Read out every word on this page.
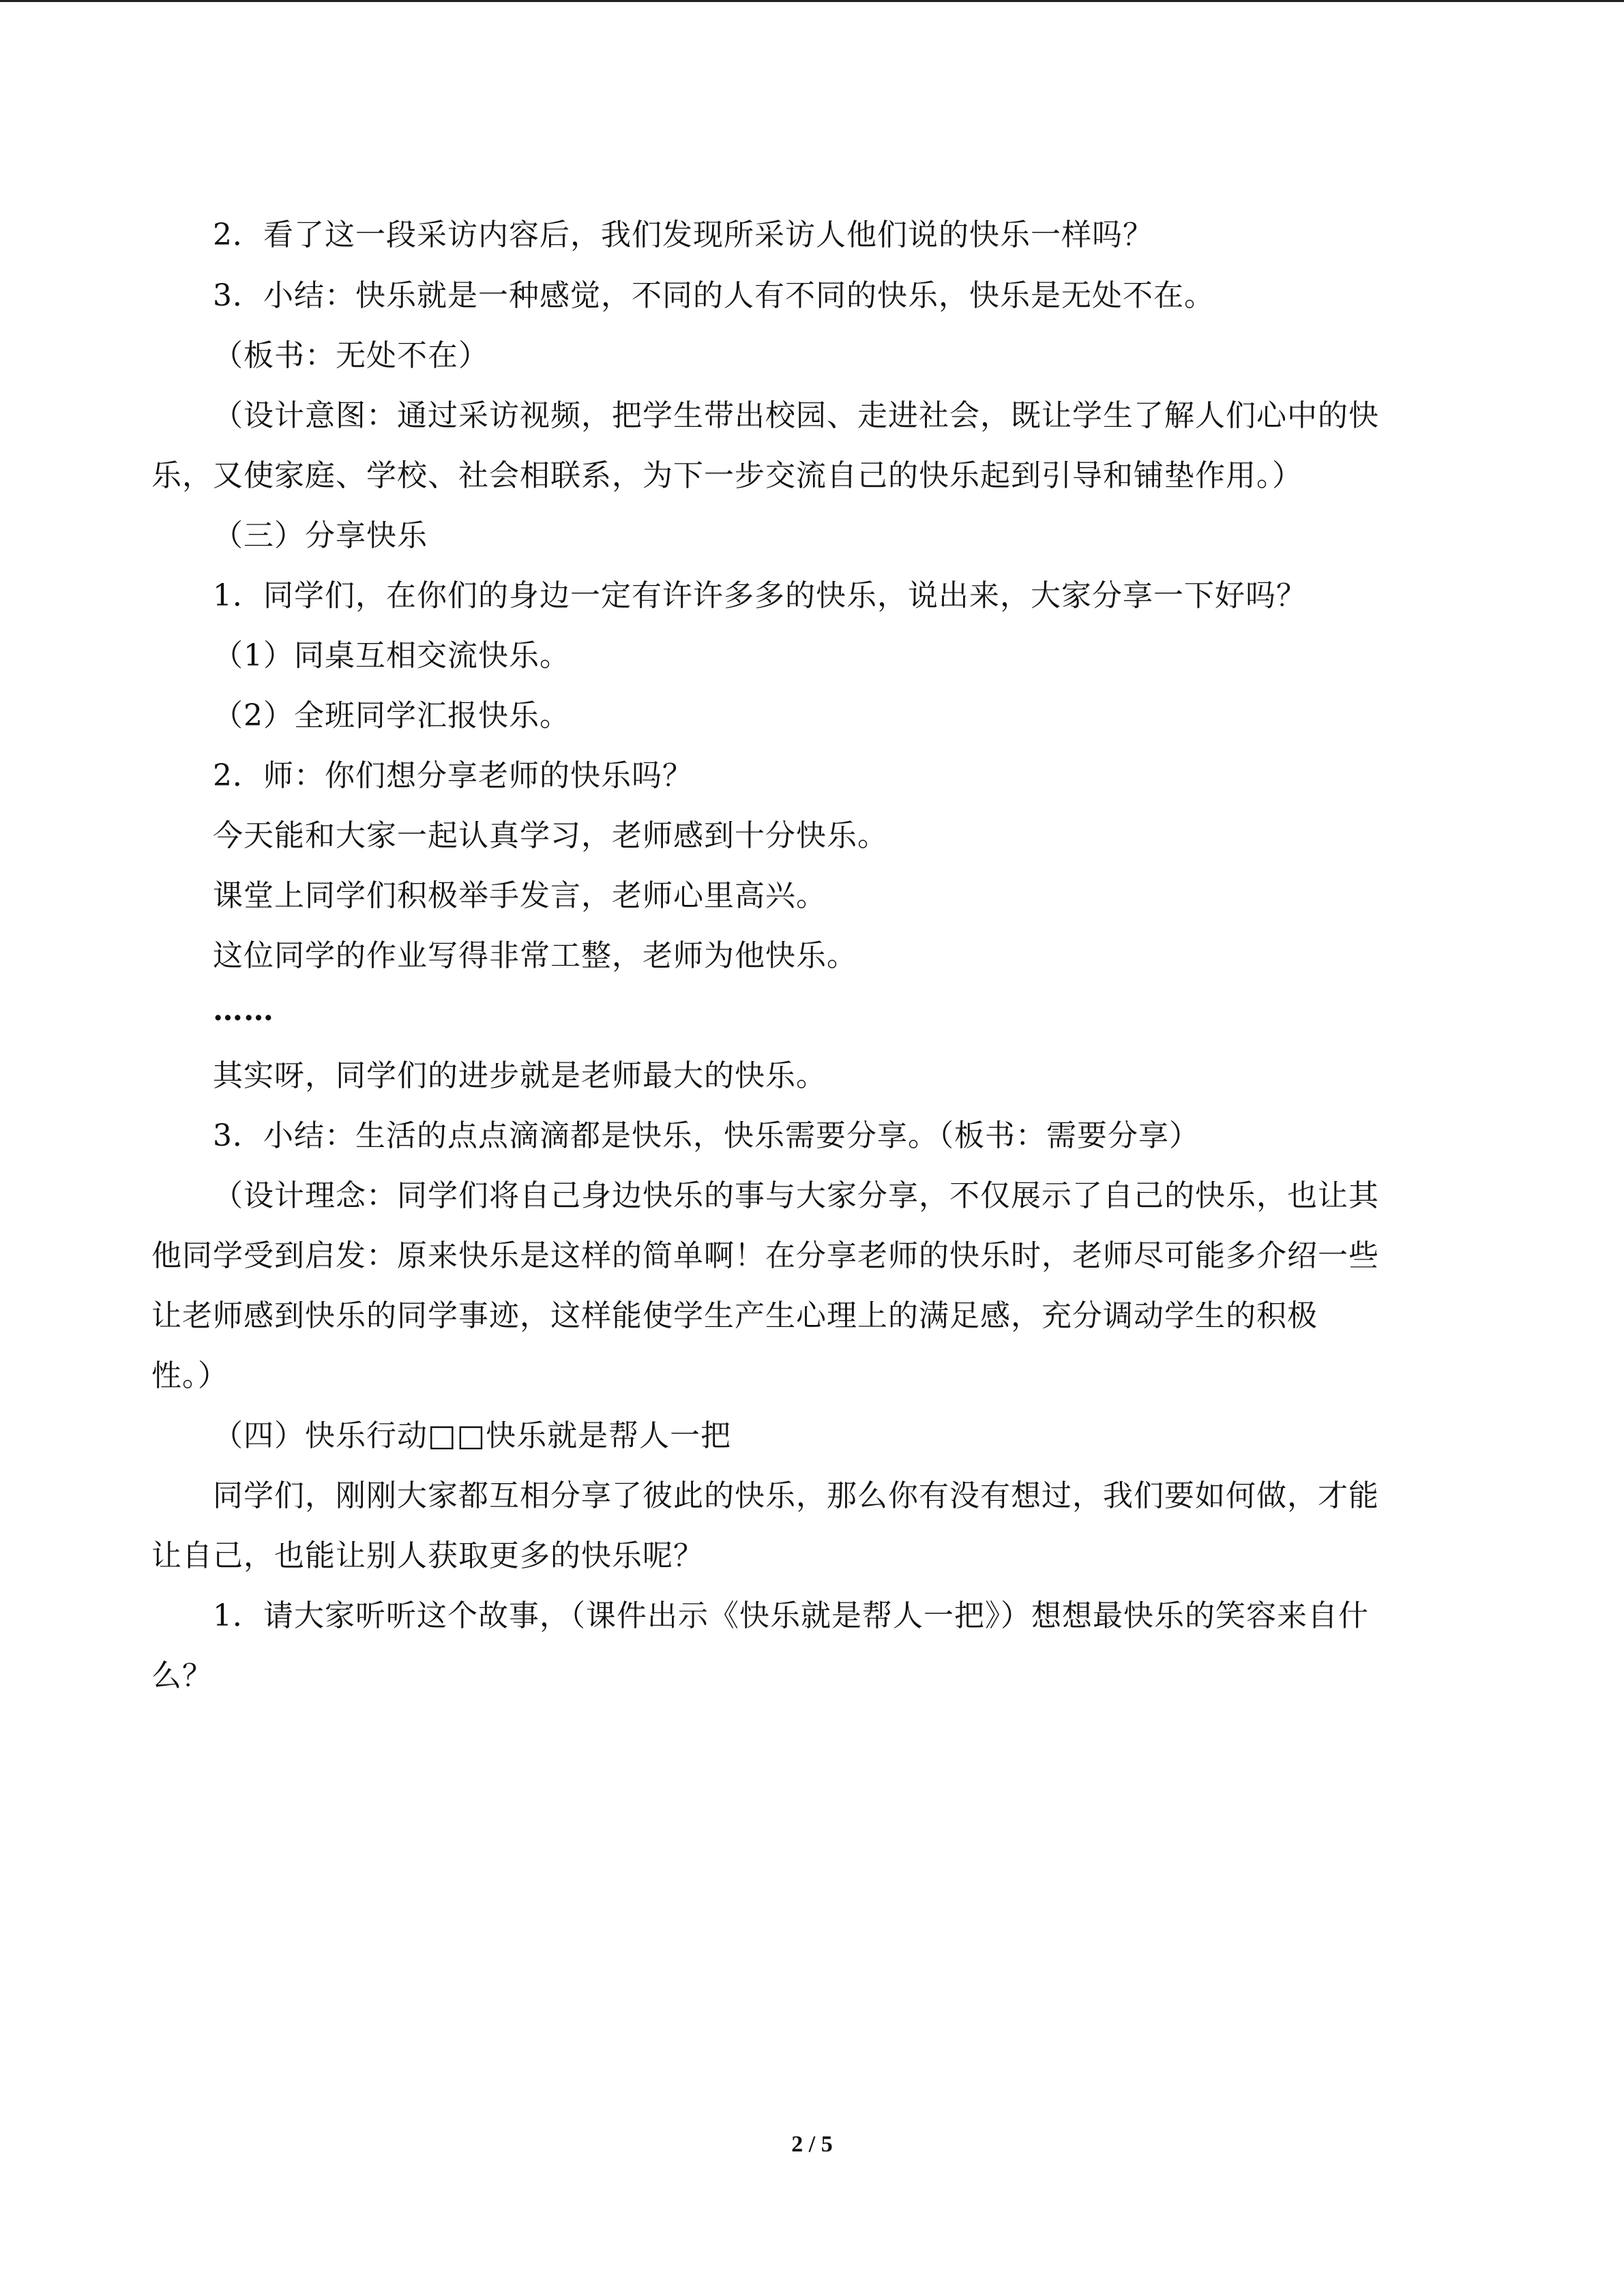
2．看了这一段采访内容后，我们发现所采访人他们说的快乐一样吗？
3．小结：快乐就是一种感觉，不同的人有不同的快乐，快乐是无处不在。
（板书：无处不在）
（设计意图：通过采访视频，把学生带出校园、走进社会，既让学生了解人们心中的快
乐，又使家庭、学校、社会相联系，为下一步交流自己的快乐起到引导和铺垫作用。）
（三）分享快乐
1．同学们，在你们的身边一定有许许多多的快乐，说出来，大家分享一下好吗？
（1）同桌互相交流快乐。
（2）全班同学汇报快乐。
2．师：你们想分享老师的快乐吗？
今天能和大家一起认真学习，老师感到十分快乐。
课堂上同学们积极举手发言，老师心里高兴。
这位同学的作业写得非常工整，老师为他快乐。
……
其实呀，同学们的进步就是老师最大的快乐。
3．小结：生活的点点滴滴都是快乐，快乐需要分享。（板书：需要分享）
（设计理念：同学们将自己身边快乐的事与大家分享，不仅展示了自己的快乐，也让其
他同学受到启发：原来快乐是这样的简单啊！在分享老师的快乐时，老师尽可能多介绍一些
让老师感到快乐的同学事迹，这样能使学生产生心理上的满足感，充分调动学生的积极
性。）
（四）快乐行动□□快乐就是帮人一把
同学们，刚刚大家都互相分享了彼此的快乐，那么你有没有想过，我们要如何做，才能
让自己，也能让别人获取更多的快乐呢？
1．请大家听听这个故事，（课件出示《快乐就是帮人一把》）想想最快乐的笑容来自什
么？
2 / 5
